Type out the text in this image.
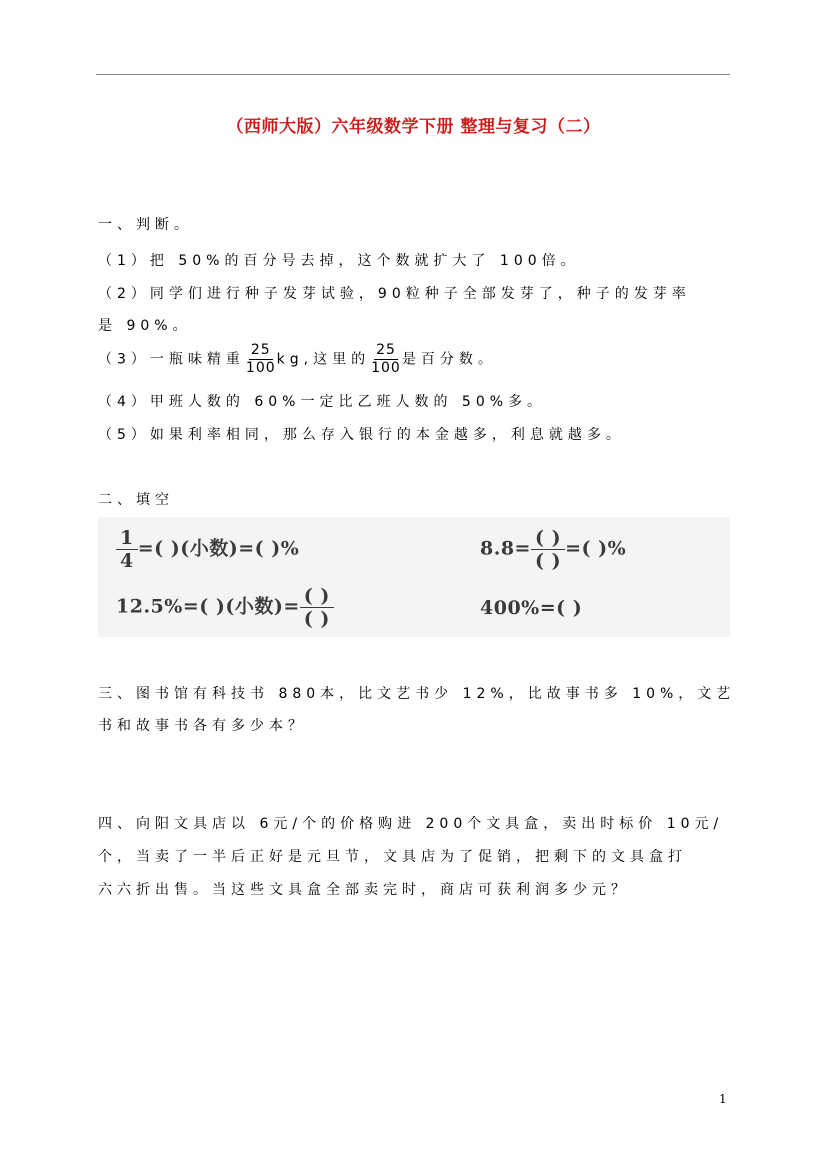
（西师大版）六年级数学下册 整理与复习（二）
一、判断。
（1）把 50%的百分号去掉，这个数就扩大了 100倍。
（2）同学们进行种子发芽试验，90粒种子全部发芽了，种子的发芽率
是 90%。
（3）一瓶味精重 $\frac{25}{100}$ kg,这里的 $\frac{25}{100}$ 是百分数。
（4）甲班人数的 60%一定比乙班人数的 50%多。
（5）如果利率相同，那么存入银行的本金越多，利息就越多。
二、填空
$\frac{1}{4}$ =( )(小数)=( )%	8.8= ( )
( )
=( )%
12.5%=( )(小数)= ( )
( )	400%=( )
三、图书馆有科技书 880本，比文艺书少 12%，比故事书多 10%，文艺
书和故事书各有多少本？
四、向阳文具店以 6元/个的价格购进 200个文具盒，卖出时标价 10元/
个，当卖了一半后正好是元旦节，文具店为了促销，把剩下的文具盒打
六六折出售。当这些文具盒全部卖完时，商店可获利润多少元？
1
